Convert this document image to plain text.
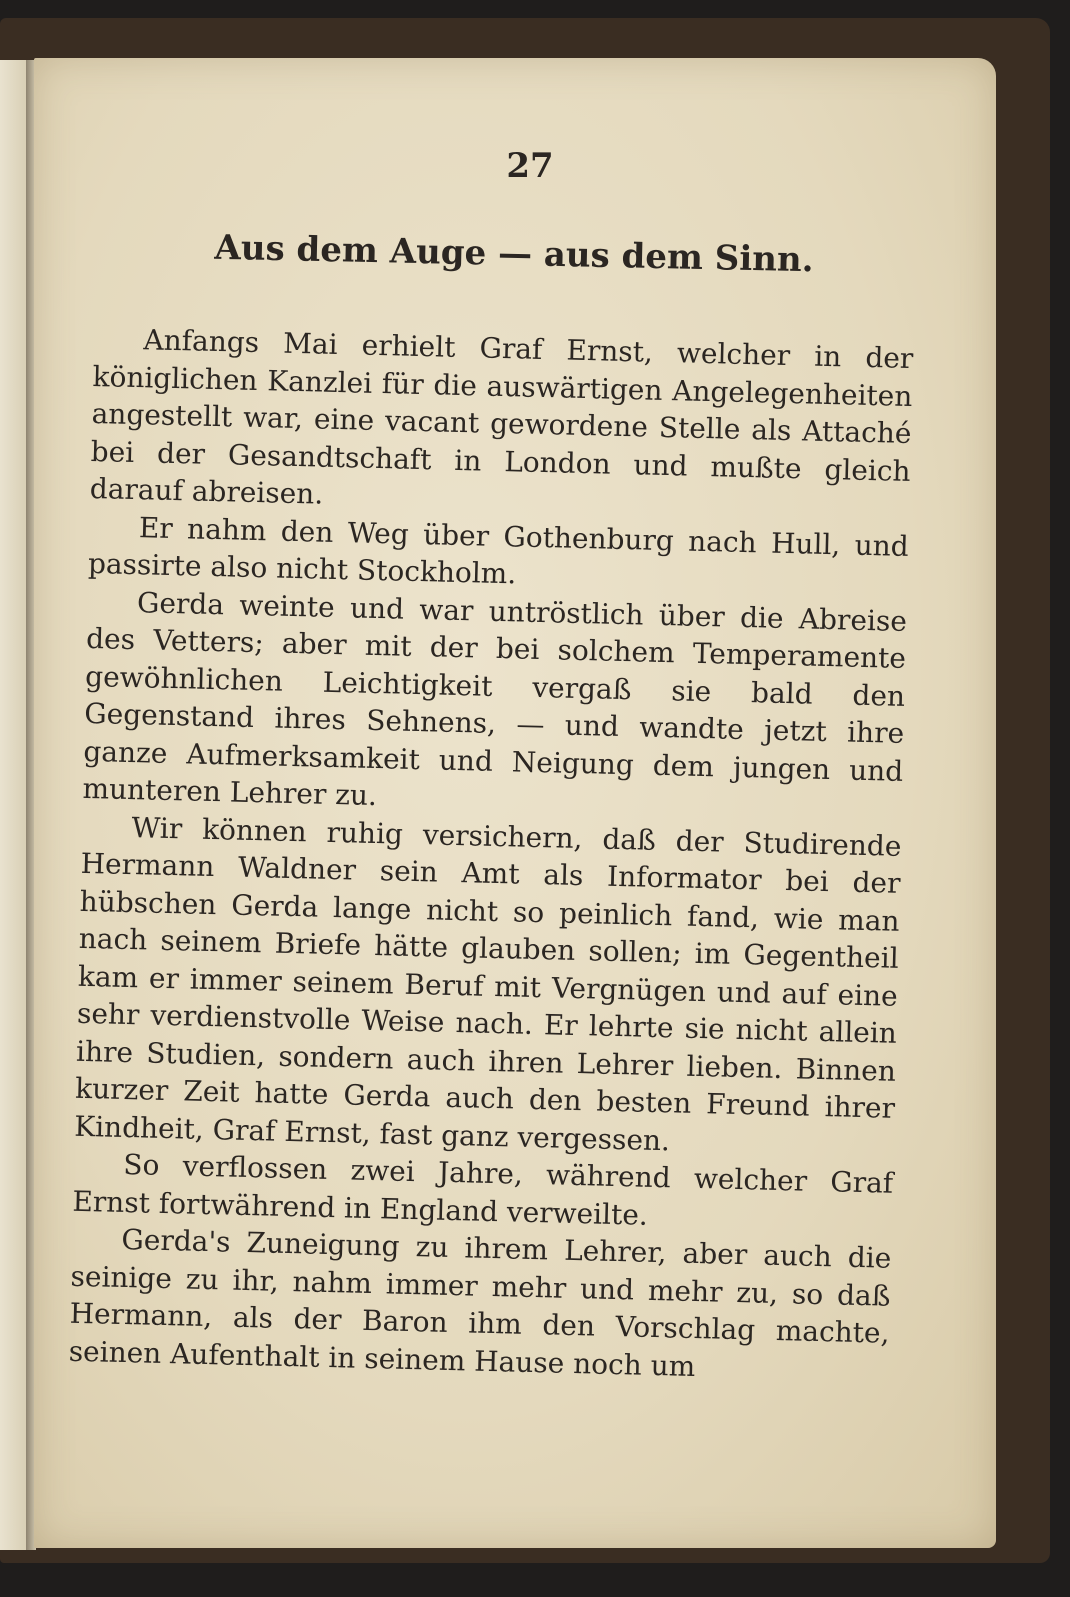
27
Aus dem Auge — aus dem Sinn.

Anfangs Mai erhielt Graf Ernst, welcher in der königlichen Kanzlei für die auswärtigen Angelegenheiten angestellt war, eine vacant gewordene Stelle als Attaché bei der Gesandtschaft in London und mußte gleich darauf abreisen.

Er nahm den Weg über Gothenburg nach Hull, und passirte also nicht Stockholm.

Gerda weinte und war untröstlich über die Abreise des Vetters; aber mit der bei solchem Temperamente gewöhnlichen Leichtigkeit vergaß sie bald den Gegenstand ihres Sehnens, — und wandte jetzt ihre ganze Aufmerksamkeit und Neigung dem jungen und munteren Lehrer zu.

Wir können ruhig versichern, daß der Studirende Hermann Waldner sein Amt als Informator bei der hübschen Gerda lange nicht so peinlich fand, wie man nach seinem Briefe hätte glauben sollen; im Gegentheil kam er immer seinem Beruf mit Vergnügen und auf eine sehr verdienstvolle Weise nach. Er lehrte sie nicht allein ihre Studien, sondern auch ihren Lehrer lieben. Binnen kurzer Zeit hatte Gerda auch den besten Freund ihrer Kindheit, Graf Ernst, fast ganz vergessen.

So verflossen zwei Jahre, während welcher Graf Ernst fortwährend in England verweilte.

Gerda's Zuneigung zu ihrem Lehrer, aber auch die seinige zu ihr, nahm immer mehr und mehr zu, so daß Hermann, als der Baron ihm den Vorschlag machte, seinen Aufenthalt in seinem Hause noch um
